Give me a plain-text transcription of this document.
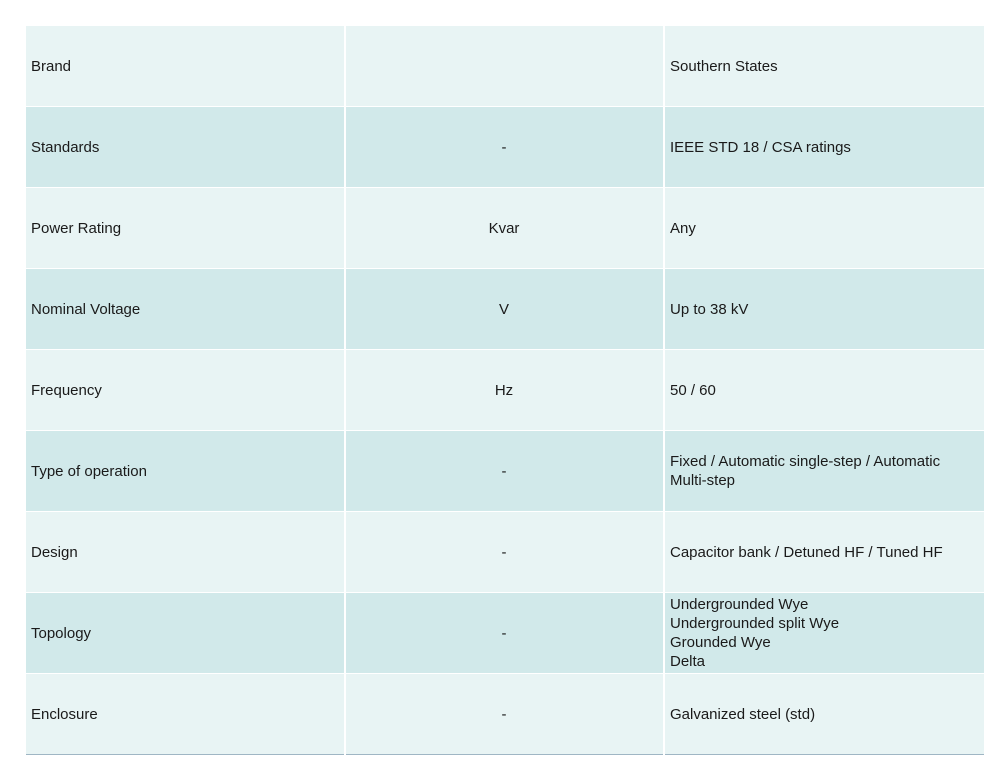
Brand		Southern States
Standards	-	IEEE STD 18 / CSA ratings
Power Rating	Kvar	Any
Nominal Voltage	V	Up to 38 kV
Frequency	Hz	50 / 60
Type of operation	-	Fixed / Automatic single-step / Automatic Multi-step
Design	-	Capacitor bank / Detuned HF / Tuned HF
Topology	-	Undergrounded Wye
Undergrounded split Wye
Grounded Wye
Delta
Enclosure	-	Galvanized steel (std)
